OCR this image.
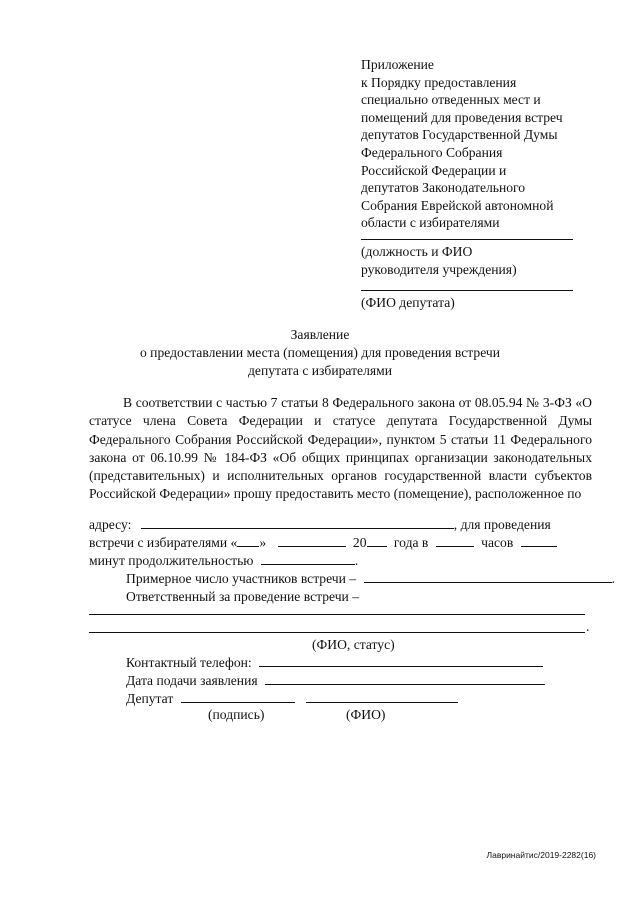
Приложение
к Порядку предоставления
специально отведенных мест и
помещений для проведения встреч
депутатов Государственной Думы
Федерального Собрания
Российской Федерации и
депутатов Законодательного
Собрания Еврейской автономной
области с избирателями
(должность и ФИО
руководителя учреждения)
(ФИО депутата)
Заявление
о предоставлении места (помещения) для проведения встречи
депутата с избирателями
В соответствии с частью 7 статьи 8 Федерального закона от 08.05.94 № 3-ФЗ «О статусе члена Совета Федерации и статусе депутата Государственной Думы Федерального Собрания Российской Федерации», пунктом 5 статьи 11 Федерального закона от 06.10.99 № 184-ФЗ «Об общих принципах организации законодательных (представительных) и исполнительных органов государственной власти субъектов Российской Федерации» прошу предоставить место (помещение), расположенное по
адресу:	, для проведения
встречи с избирателями « »	20 года в	часов
минут продолжительностью	.
Примерное число участников встречи –	.
Ответственный за проведение встречи –
.
(ФИО, статус)
Контактный телефон:
Дата подачи заявления
Депутат
(подпись)	(ФИО)
Лавринайтис/2019-2282(16)
